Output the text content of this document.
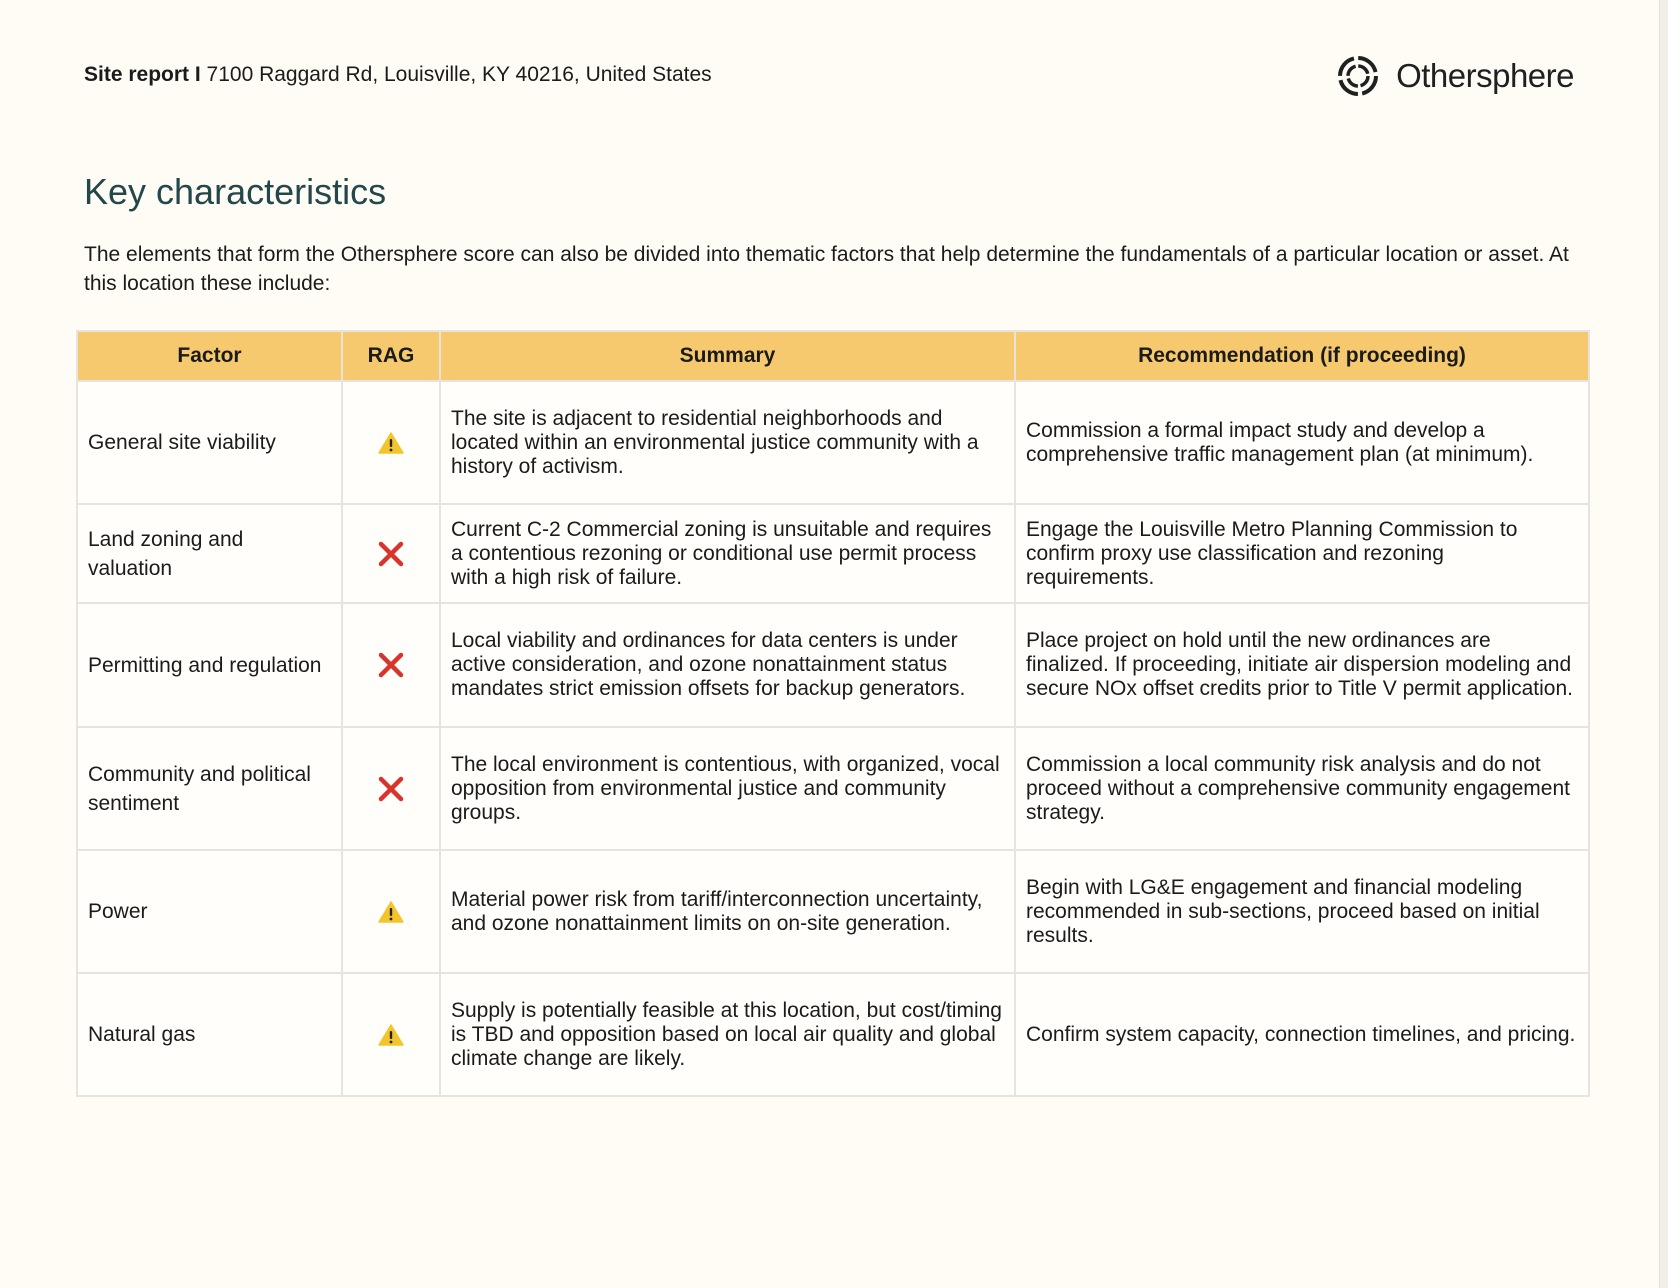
Site report I 7100 Raggard Rd, Louisville, KY 40216, United States	Othersphere
Key characteristics

The elements that form the Othersphere score can also be divided into thematic factors that help determine the fundamentals of a particular location or asset. At this location these include:

Factor	RAG	Summary	Recommendation (if proceeding)
General site viability		The site is adjacent to residential neighborhoods and located within an environmental justice community with a history of activism.	Commission a formal impact study and develop a comprehensive traffic management plan (at minimum).
Land zoning and valuation		Current C-2 Commercial zoning is unsuitable and requires a contentious rezoning or conditional use permit process with a high risk of failure.	Engage the Louisville Metro Planning Commission to confirm proxy use classification and rezoning requirements.
Permitting and regulation		Local viability and ordinances for data centers is under active consideration, and ozone nonattainment status mandates strict emission offsets for backup generators.	Place project on hold until the new ordinances are finalized. If proceeding, initiate air dispersion modeling and secure NOx offset credits prior to Title V permit application.
Community and political sentiment		The local environment is contentious, with organized, vocal opposition from environmental justice and community groups.	Commission a local community risk analysis and do not proceed without a comprehensive community engagement strategy.
Power		Material power risk from tariff/interconnection uncertainty, and ozone nonattainment limits on on-site generation.	Begin with LG&E engagement and financial modeling recommended in sub-sections, proceed based on initial results.
Natural gas		Supply is potentially feasible at this location, but cost/timing is TBD and opposition based on local air quality and global climate change are likely.	Confirm system capacity, connection timelines, and pricing.
